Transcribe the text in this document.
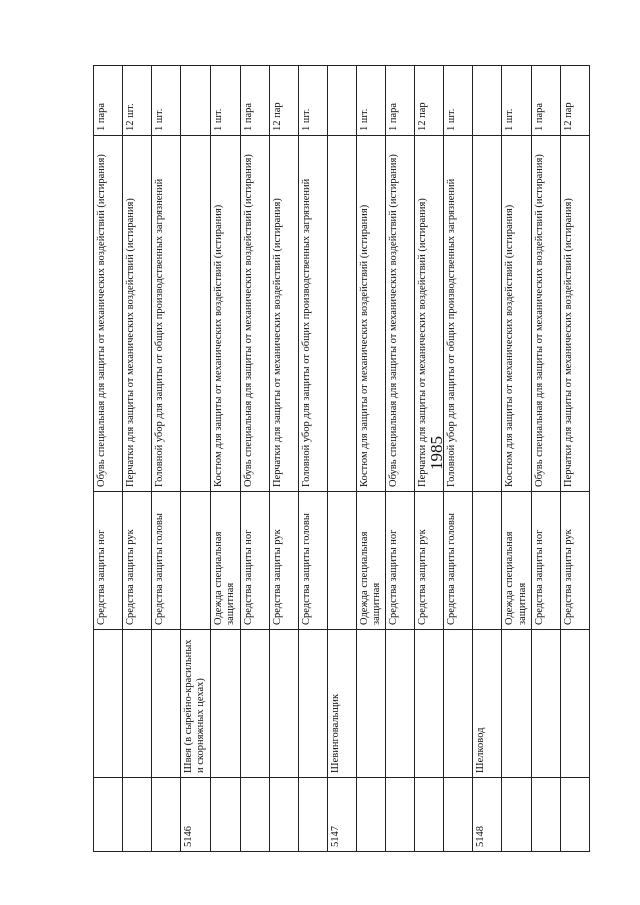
1985
		Средства защиты ног	Обувь специальная для защиты от механических воздействий (истирания)	1 пара
		Средства защиты рук	Перчатки для защиты от механических воздействий (истирания)	12 шт.
		Средства защиты головы	Головной убор для защиты от общих производственных загрязнений	1 шт.
5146	Швея (в сырейно-красильных и скорняжных цехах)			
		Одежда специальная защитная	Костюм для защиты от механических воздействий (истирания)	1 шт.
		Средства защиты ног	Обувь специальная для защиты от механических воздействий (истирания)	1 пара
		Средства защиты рук	Перчатки для защиты от механических воздействий (истирания)	12 пар
		Средства защиты головы	Головной убор для защиты от общих производственных загрязнений	1 шт.
5147	Шевинговальщик			
		Одежда специальная защитная	Костюм для защиты от механических воздействий (истирания)	1 шт.
		Средства защиты ног	Обувь специальная для защиты от механических воздействий (истирания)	1 пара
		Средства защиты рук	Перчатки для защиты от механических воздействий (истирания)	12 пар
		Средства защиты головы	Головной убор для защиты от общих производственных загрязнений	1 шт.
5148	Шелковод			
		Одежда специальная защитная	Костюм для защиты от механических воздействий (истирания)	1 шт.
		Средства защиты ног	Обувь специальная для защиты от механических воздействий (истирания)	1 пара
		Средства защиты рук	Перчатки для защиты от механических воздействий (истирания)	12 пар
